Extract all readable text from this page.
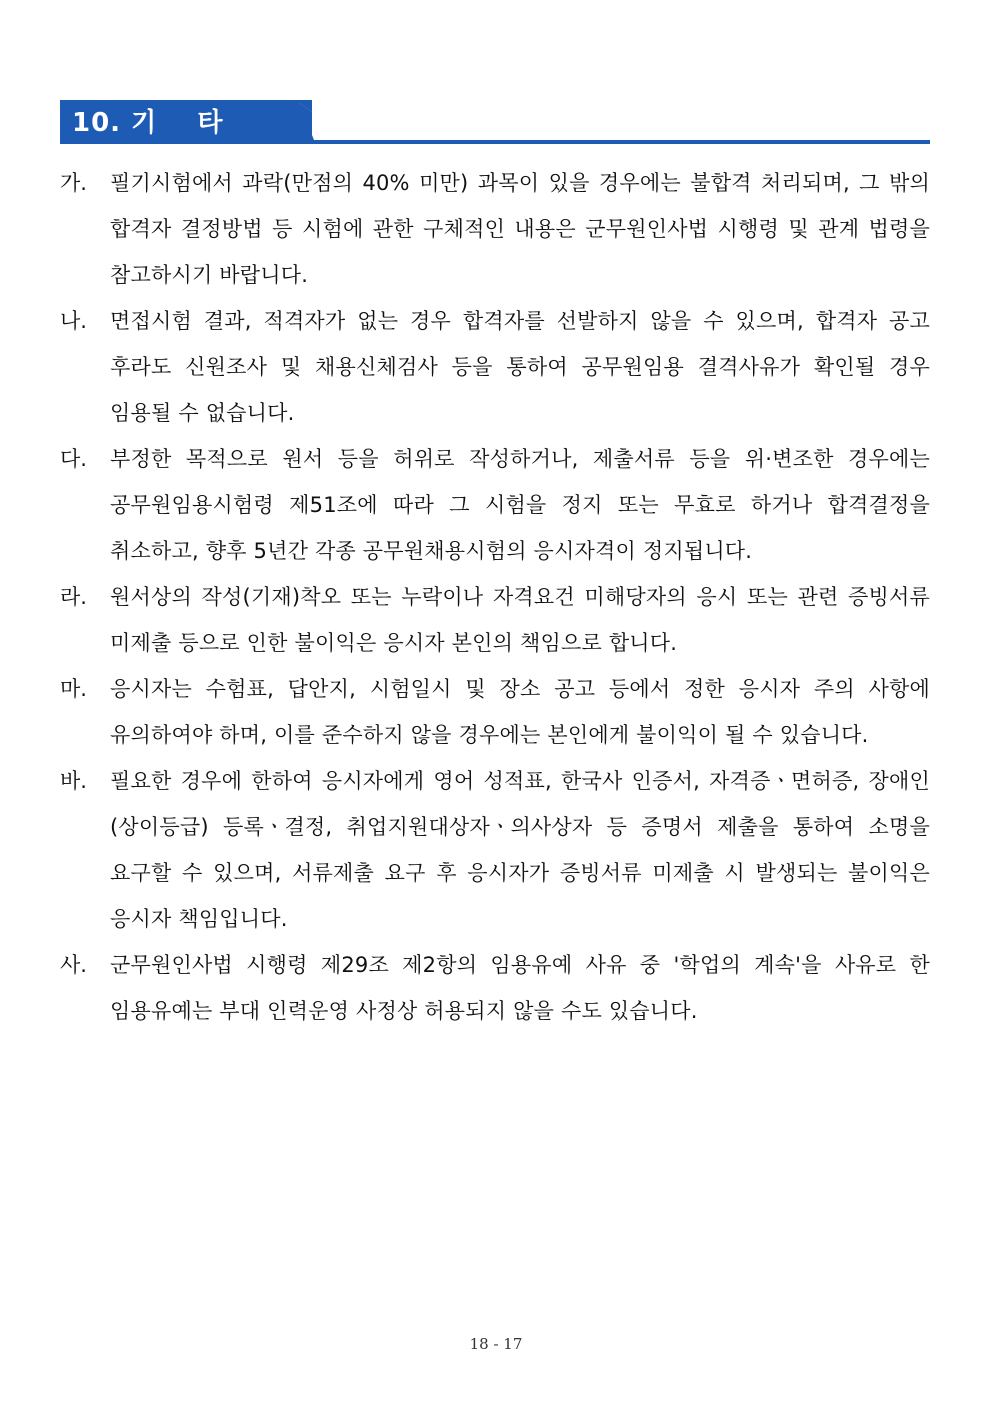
10. 기    타
가.	필기시험에서 과락(만점의 40% 미만) 과목이 있을 경우에는 불합격 처리되며, 그 밖의 합격자 결정방법 등 시험에 관한 구체적인 내용은 군무원인사법 시행령 및 관계 법령을 참고하시기 바랍니다.
나.	면접시험 결과, 적격자가 없는 경우 합격자를 선발하지 않을 수 있으며, 합격자 공고 후라도 신원조사 및 채용신체검사 등을 통하여 공무원임용 결격사유가 확인될 경우 임용될 수 없습니다.
다.	부정한 목적으로 원서 등을 허위로 작성하거나, 제출서류 등을 위·변조한 경우에는 공무원임용시험령 제51조에 따라 그 시험을 정지 또는 무효로 하거나 합격결정을 취소하고, 향후 5년간 각종 공무원채용시험의 응시자격이 정지됩니다.
라.	원서상의 작성(기재)착오 또는 누락이나 자격요건 미해당자의 응시 또는 관련 증빙서류 미제출 등으로 인한 불이익은 응시자 본인의 책임으로 합니다.
마.	응시자는 수험표, 답안지, 시험일시 및 장소 공고 등에서 정한 응시자 주의 사항에 유의하여야 하며, 이를 준수하지 않을 경우에는 본인에게 불이익이 될 수 있습니다.
바.	필요한 경우에 한하여 응시자에게 영어 성적표, 한국사 인증서, 자격증ㆍ면허증, 장애인(상이등급) 등록ㆍ결정, 취업지원대상자ㆍ의사상자 등 증명서 제출을 통하여 소명을 요구할 수 있으며, 서류제출 요구 후 응시자가 증빙서류 미제출 시 발생되는 불이익은 응시자 책임입니다.
사.	군무원인사법 시행령 제29조 제2항의 임용유예 사유 중 '학업의 계속'을 사유로 한 임용유예는 부대 인력운영 사정상 허용되지 않을 수도 있습니다.
18 - 17
